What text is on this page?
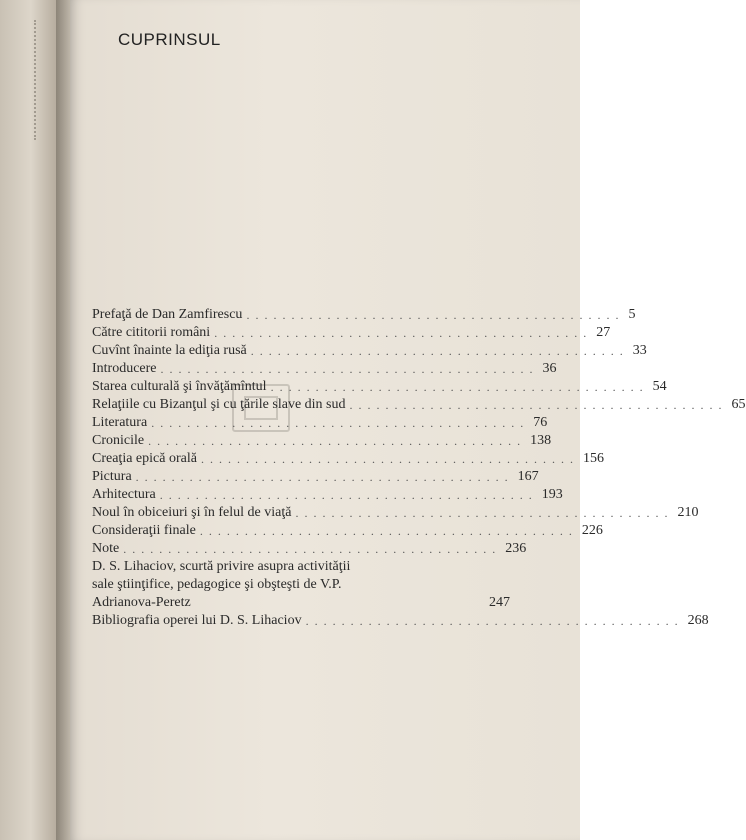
CUPRINSUL
Prefaţă de Dan Zamfirescu .......................................... 5
Către cititorii români .......................................... 27
Cuvînt înainte la ediţia rusă .......................................... 33
Introducere .......................................... 36
Starea culturală şi învăţămîntul .......................................... 54
Relaţiile cu Bizanţul şi cu ţările slave din sud .......................................... 65
Literatura .......................................... 76
Cronicile .......................................... 138
Creaţia epică orală .......................................... 156
Pictura .......................................... 167
Arhitectura .......................................... 193
Noul în obiceiuri şi în felul de viaţă .......................................... 210
Consideraţii finale .......................................... 226
Note .......................................... 236
D. S. Lihaciov, scurtă privire asupra activităţii
sale ştiinţifice, pedagogice şi obşteşti de V.P.
Adrianova-Peretz	247
Bibliografia operei lui D. S. Lihaciov .......................................... 268
